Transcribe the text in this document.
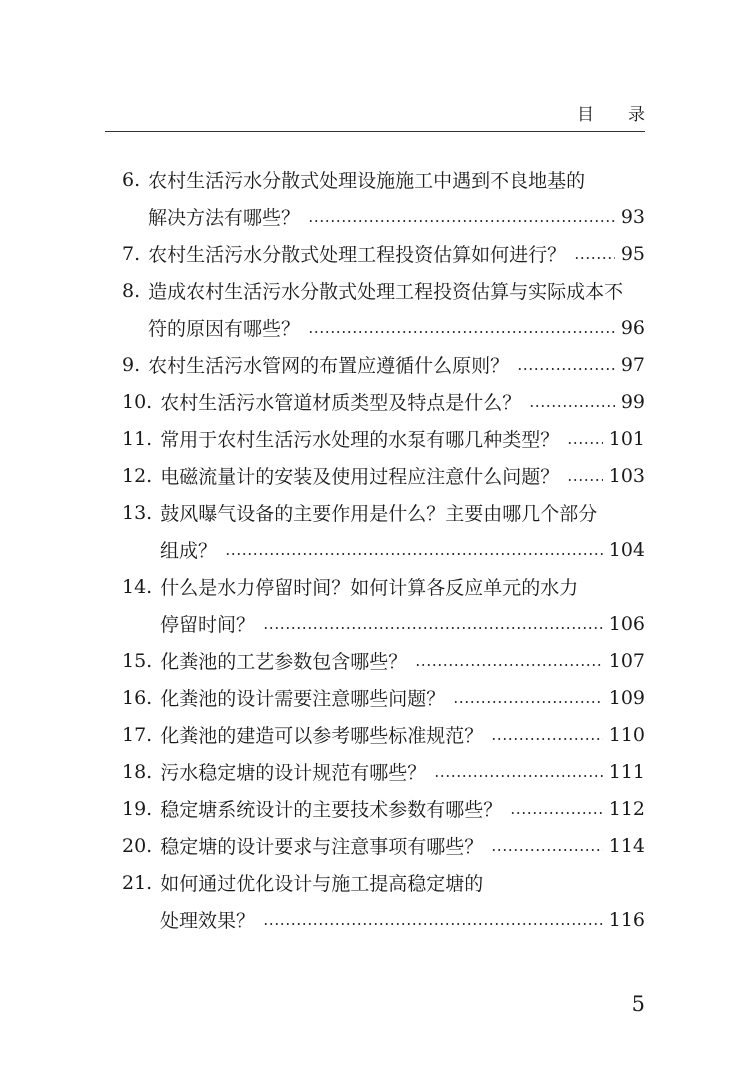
目 录
6. 农村生活污水分散式处理设施施工中遇到不良地基的
解决方法有哪些？	93
7. 农村生活污水分散式处理工程投资估算如何进行？	95
8. 造成农村生活污水分散式处理工程投资估算与实际成本不
符的原因有哪些？	96
9. 农村生活污水管网的布置应遵循什么原则？	97
10. 农村生活污水管道材质类型及特点是什么？	99
11. 常用于农村生活污水处理的水泵有哪几种类型？	101
12. 电磁流量计的安装及使用过程应注意什么问题？	103
13. 鼓风曝气设备的主要作用是什么？主要由哪几个部分
组成？	104
14. 什么是水力停留时间？如何计算各反应单元的水力
停留时间？	106
15. 化粪池的工艺参数包含哪些？	107
16. 化粪池的设计需要注意哪些问题？	109
17. 化粪池的建造可以参考哪些标准规范？	110
18. 污水稳定塘的设计规范有哪些？	111
19. 稳定塘系统设计的主要技术参数有哪些？	112
20. 稳定塘的设计要求与注意事项有哪些？	114
21. 如何通过优化设计与施工提高稳定塘的
处理效果？	116
5
